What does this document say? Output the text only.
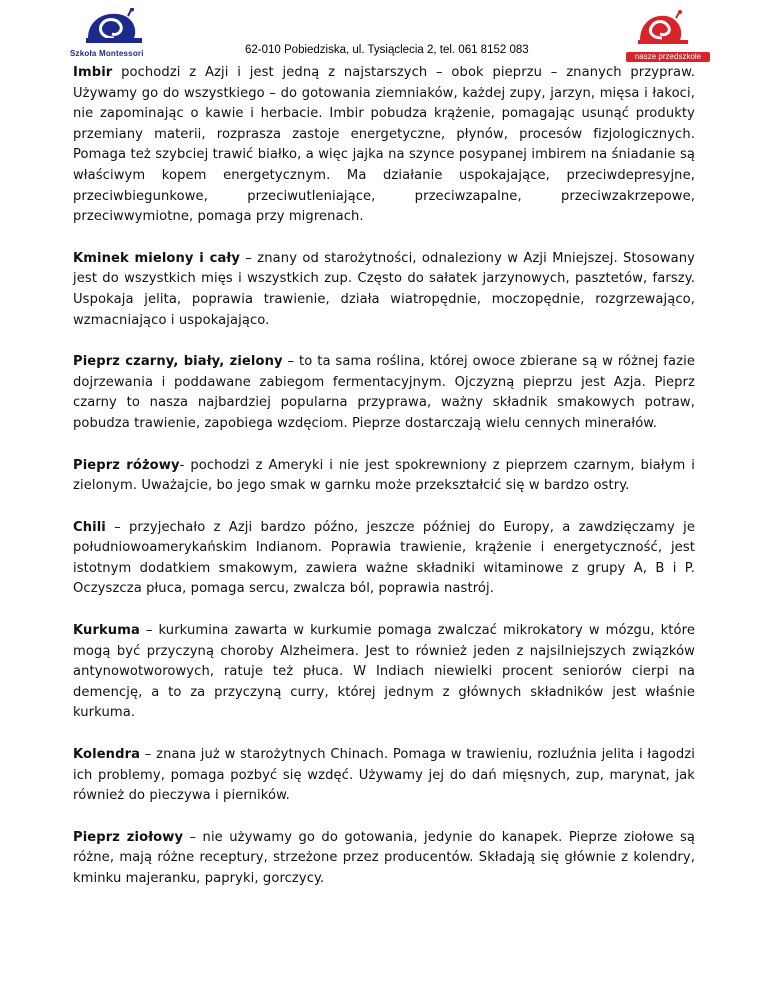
Szkoła Montessori	62-010 Pobiedziska, ul. Tysiąclecia 2, tel. 061 8152 083
nasze przedszkole

Imbir pochodzi z Azji i jest jedną z najstarszych – obok pieprzu – znanych przypraw. Używamy go do wszystkiego – do gotowania ziemniaków, każdej zupy, jarzyn, mięsa i łakoci, nie zapominając o kawie i herbacie. Imbir pobudza krążenie, pomagając usunąć produkty przemiany materii, rozprasza zastoje energetyczne, płynów, procesów fizjologicznych. Pomaga też szybciej trawić białko, a więc jajka na szynce posypanej imbirem na śniadanie są właściwym kopem energetycznym. Ma działanie uspokajające, przeciwdepresyjne, przeciwbiegunkowe, przeciwutleniające, przeciwzapalne, przeciwzakrzepowe, przeciwwymiotne, pomaga przy migrenach.

Kminek mielony i cały – znany od starożytności, odnaleziony w Azji Mniejszej. Stosowany jest do wszystkich mięs i wszystkich zup. Często do sałatek jarzynowych, pasztetów, farszy. Uspokaja jelita, poprawia trawienie, działa wiatropędnie, moczopędnie, rozgrzewająco, wzmacniająco i uspokajająco.

Pieprz czarny, biały, zielony – to ta sama roślina, której owoce zbierane są w różnej fazie dojrzewania i poddawane zabiegom fermentacyjnym. Ojczyzną pieprzu jest Azja. Pieprz czarny to nasza najbardziej popularna przyprawa, ważny składnik smakowych potraw, pobudza trawienie, zapobiega wzdęciom. Pieprze dostarczają wielu cennych minerałów.

Pieprz różowy- pochodzi z Ameryki i nie jest spokrewniony z pieprzem czarnym, białym i zielonym. Uważajcie, bo jego smak w garnku może przekształcić się w bardzo ostry.

Chili – przyjechało z Azji bardzo późno, jeszcze później do Europy, a zawdzięczamy je południowoamerykańskim Indianom. Poprawia trawienie, krążenie i energetyczność, jest istotnym dodatkiem smakowym, zawiera ważne składniki witaminowe z grupy A, B i P. Oczyszcza płuca, pomaga sercu, zwalcza ból, poprawia nastrój.

Kurkuma – kurkumina zawarta w kurkumie pomaga zwalczać mikrokatory w mózgu, które mogą być przyczyną choroby Alzheimera. Jest to również jeden z najsilniejszych związków antynowotworowych, ratuje też płuca. W Indiach niewielki procent seniorów cierpi na demencję, a to za przyczyną curry, której jednym z głównych składników jest właśnie kurkuma.

Kolendra – znana już w starożytnych Chinach. Pomaga w trawieniu, rozluźnia jelita i łagodzi ich problemy, pomaga pozbyć się wzdęć. Używamy jej do dań mięsnych, zup, marynat, jak również do pieczywa i pierników.

Pieprz ziołowy – nie używamy go do gotowania, jedynie do kanapek. Pieprze ziołowe są różne, mają różne receptury, strzeżone przez producentów. Składają się głównie z kolendry, kminku majeranku, papryki, gorczycy.
